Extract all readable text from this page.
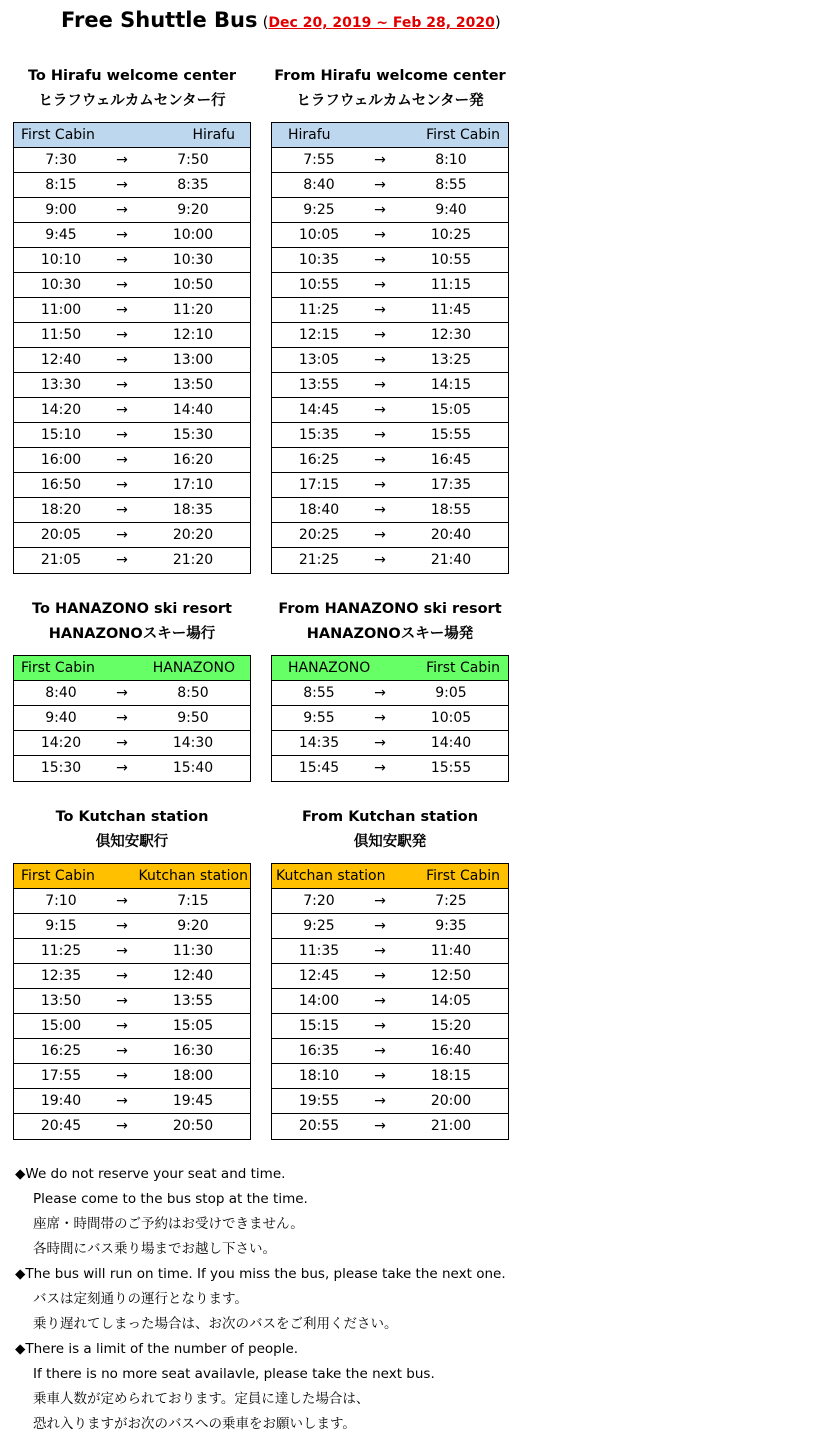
Free Shuttle Bus (Dec 20, 2019 ~ Feb 28, 2020)
To Hirafu welcome center
ヒラフウェルカムセンター行
First Cabin	Hirafu
7:30	→	7:50
8:15	→	8:35
9:00	→	9:20
9:45	→	10:00
10:10	→	10:30
10:30	→	10:50
11:00	→	11:20
11:50	→	12:10
12:40	→	13:00
13:30	→	13:50
14:20	→	14:40
15:10	→	15:30
16:00	→	16:20
16:50	→	17:10
18:20	→	18:35
20:05	→	20:20
21:05	→	21:20
From Hirafu welcome center
ヒラフウェルカムセンター発
Hirafu	First Cabin
7:55	→	8:10
8:40	→	8:55
9:25	→	9:40
10:05	→	10:25
10:35	→	10:55
10:55	→	11:15
11:25	→	11:45
12:15	→	12:30
13:05	→	13:25
13:55	→	14:15
14:45	→	15:05
15:35	→	15:55
16:25	→	16:45
17:15	→	17:35
18:40	→	18:55
20:25	→	20:40
21:25	→	21:40
To HANAZONO ski resort
HANAZONOスキー場行
First Cabin	HANAZONO
8:40	→	8:50
9:40	→	9:50
14:20	→	14:30
15:30	→	15:40
From HANAZONO ski resort
HANAZONOスキー場発
HANAZONO	First Cabin
8:55	→	9:05
9:55	→	10:05
14:35	→	14:40
15:45	→	15:55
To Kutchan station
倶知安駅行
First Cabin	Kutchan station
7:10	→	7:15
9:15	→	9:20
11:25	→	11:30
12:35	→	12:40
13:50	→	13:55
15:00	→	15:05
16:25	→	16:30
17:55	→	18:00
19:40	→	19:45
20:45	→	20:50
From Kutchan station
倶知安駅発
Kutchan station	First Cabin
7:20	→	7:25
9:25	→	9:35
11:35	→	11:40
12:45	→	12:50
14:00	→	14:05
15:15	→	15:20
16:35	→	16:40
18:10	→	18:15
19:55	→	20:00
20:55	→	21:00
◆We do not reserve your seat and time.
Please come to the bus stop at the time.
座席・時間帯のご予約はお受けできません。
各時間にバス乗り場までお越し下さい。
◆The bus will run on time. If you miss the bus, please take the next one.
バスは定刻通りの運行となります。
乗り遅れてしまった場合は、お次のバスをご利用ください。
◆There is a limit of the number of people.
If there is no more seat availavle, please take the next bus.
乗車人数が定められております。定員に達した場合は、
恐れ入りますがお次のバスへの乗車をお願いします。
